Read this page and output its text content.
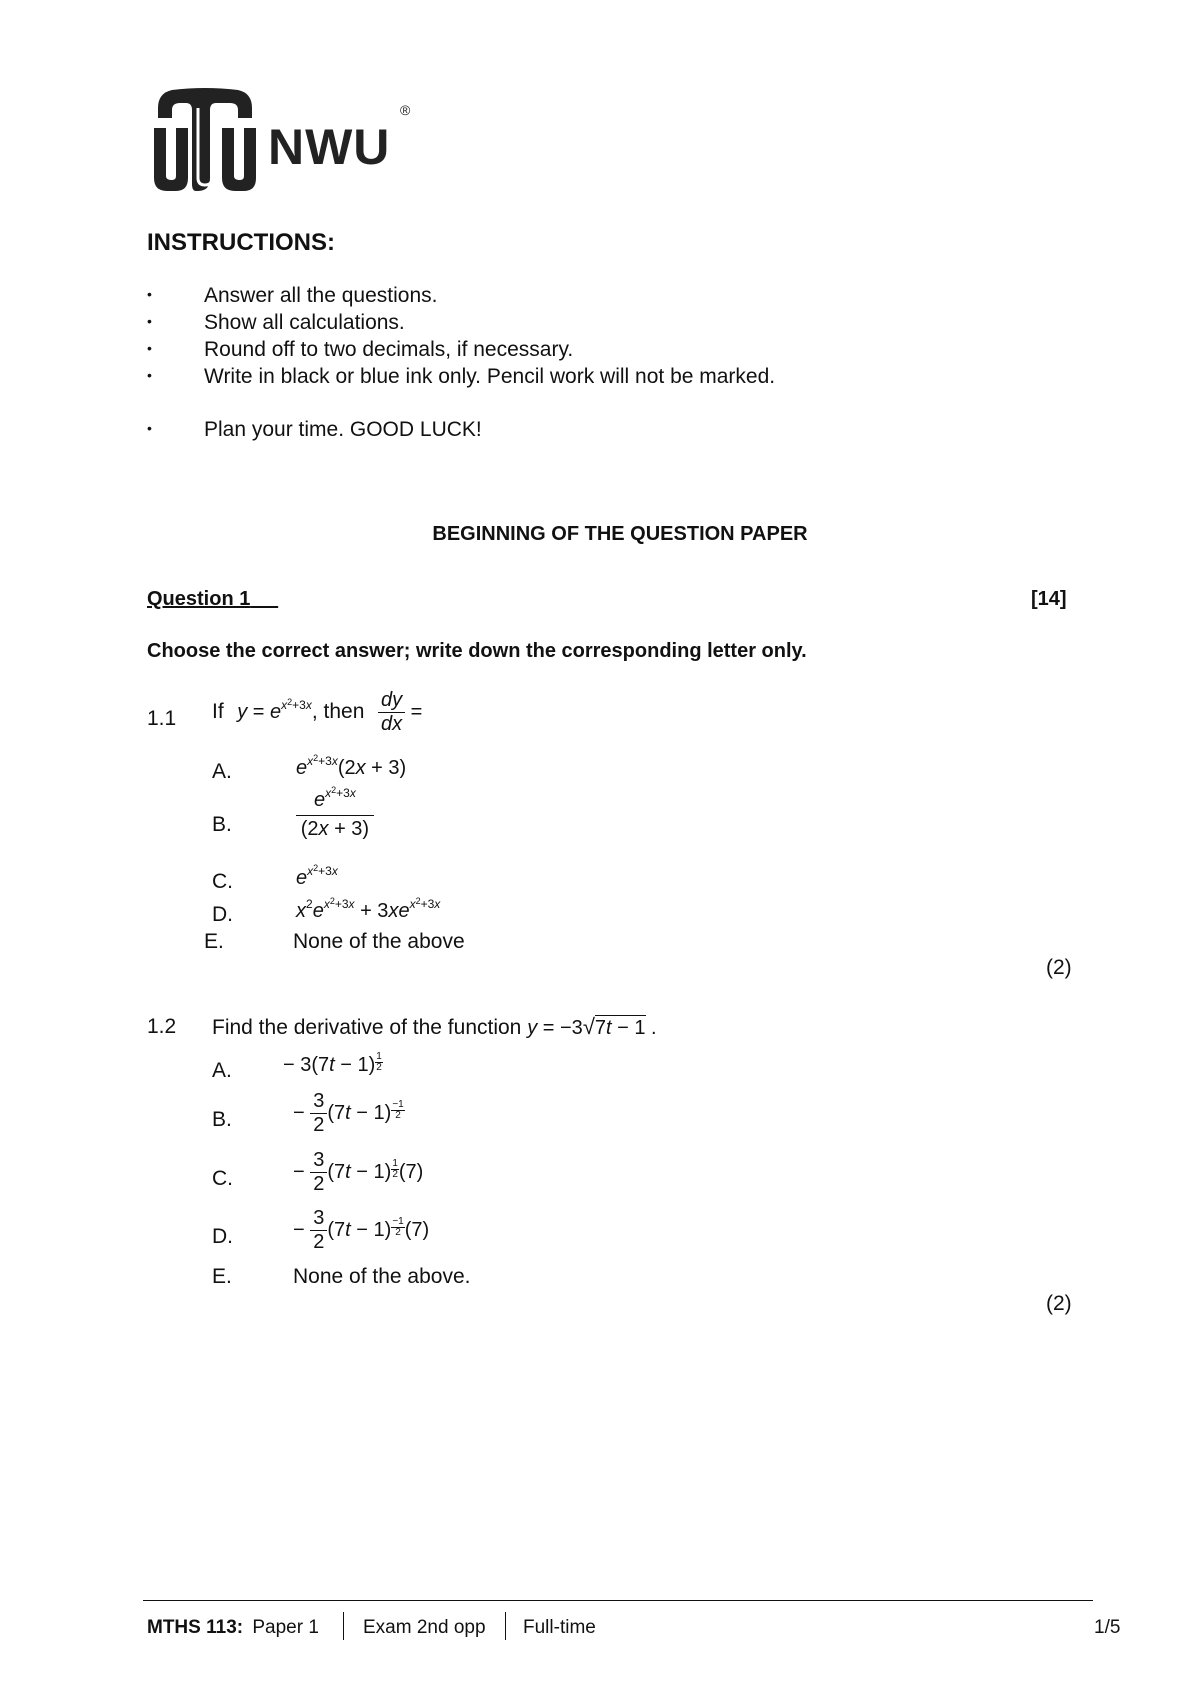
NWU
®
INSTRUCTIONS:
• Answer all the questions.
• Show all calculations.
• Round off to two decimals, if necessary.
• Write in black or blue ink only. Pencil work will not be marked.
• Plan your time. GOOD LUCK!
BEGINNING OF THE QUESTION PAPER
Question 1	[14]
Choose the correct answer; write down the corresponding letter only.
1.1 If $y = e^{x^2+3x}$, then $\frac{dy}{dx}$ =
A.	$e^{x^2+3x}(2x + 3)$
B.	$\frac{e^{x^2+3x}}{(2x + 3)}$
C.	$e^{x^2+3x}$
D.	$x^2e^{x^2+3x} + 3xe^{x^2+3x}$
E.	None of the above
(2)
1.2 Find the derivative of the function y = −3√7t − 1 .
A.	− $3(7t - 1) \frac{1}{2}$
B.	− $\frac{3}{2} (7t - 1) \frac{-1}{2}$
C.	− $\frac{3}{2} (7t - 1) \frac{1}{2} (7)$
D.	− $\frac{3}{2} (7t - 1) \frac{-1}{2} (7)$
E.	None of the above.
(2)
MTHS 113: Paper 1 Exam 2nd opp Full-time	1/5
